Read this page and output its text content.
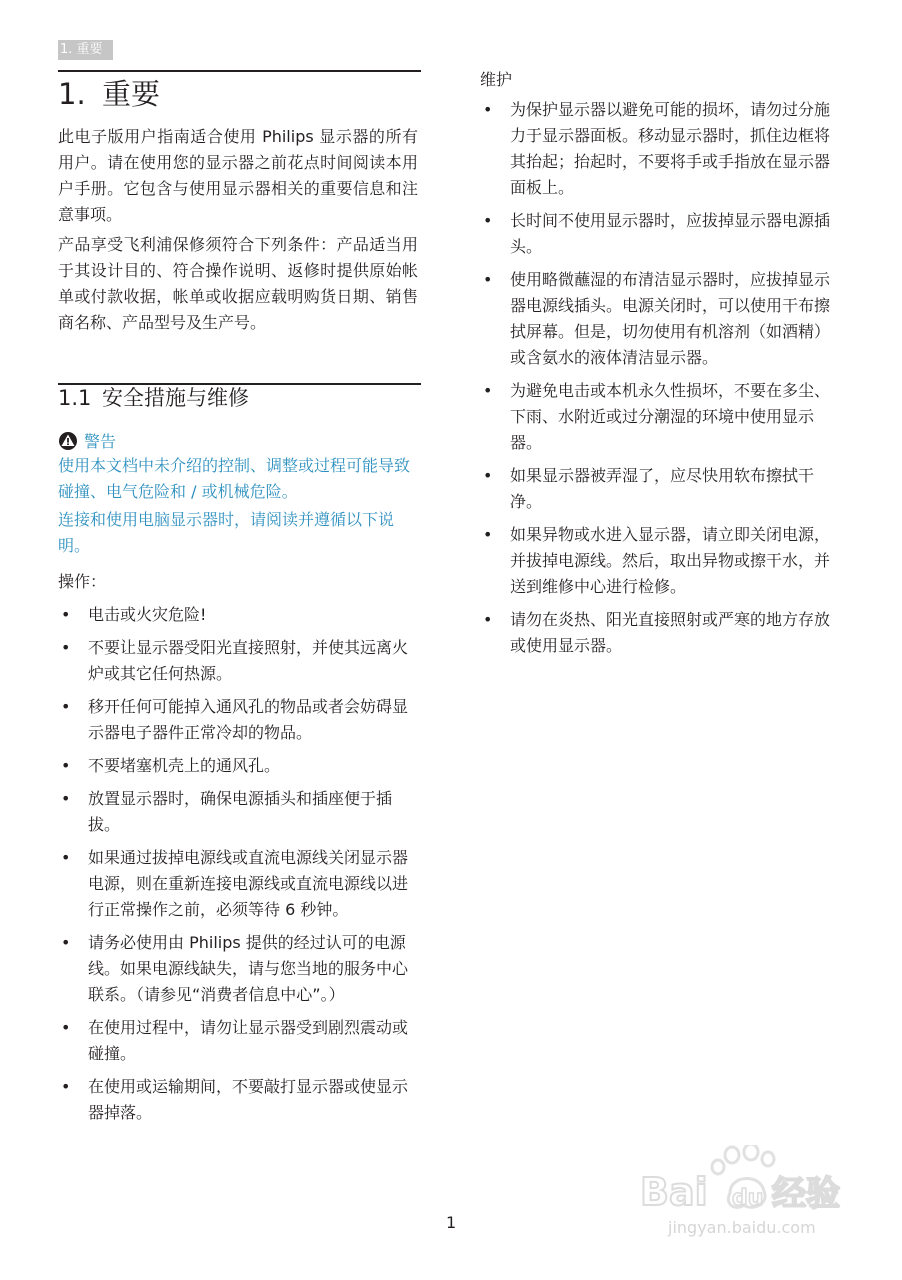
1. 重要
1. 重要

此电子版用户指南适合使用 Philips 显示器的所有用户。请在使用您的显示器之前花点时间阅读本用户手册。它包含与使用显示器相关的重要信息和注意事项。

产品享受飞利浦保修须符合下列条件：产品适当用于其设计目的、符合操作说明、返修时提供原始帐单或付款收据，帐单或收据应载明购货日期、销售商名称、产品型号及生产号。

1.1 安全措施与维修
警告

使用本文档中未介绍的控制、调整或过程可能导致碰撞、电气危险和 / 或机械危险。

连接和使用电脑显示器时，请阅读并遵循以下说明。

操作：

• 电击或火灾危险!
• 不要让显示器受阳光直接照射，并使其远离火炉或其它任何热源。
• 移开任何可能掉入通风孔的物品或者会妨碍显示器电子器件正常冷却的物品。
• 不要堵塞机壳上的通风孔。
• 放置显示器时，确保电源插头和插座便于插拔。
• 如果通过拔掉电源线或直流电源线关闭显示器电源，则在重新连接电源线或直流电源线以进行正常操作之前，必须等待 6 秒钟。
• 请务必使用由 Philips 提供的经过认可的电源线。如果电源线缺失，请与您当地的服务中心联系。（请参见“消费者信息中心”。）
• 在使用过程中，请勿让显示器受到剧烈震动或碰撞。
• 在使用或运输期间，不要敲打显示器或使显示器掉落。

维护

• 为保护显示器以避免可能的损坏，请勿过分施力于显示器面板。移动显示器时，抓住边框将其抬起；抬起时，不要将手或手指放在显示器面板上。
• 长时间不使用显示器时，应拔掉显示器电源插头。
• 使用略微蘸湿的布清洁显示器时，应拔掉显示器电源线插头。电源关闭时，可以使用干布擦拭屏幕。但是，切勿使用有机溶剂（如酒精）或含氨水的液体清洁显示器。
• 为避免电击或本机永久性损坏，不要在多尘、下雨、水附近或过分潮湿的环境中使用显示器。
• 如果显示器被弄湿了，应尽快用软布擦拭干净。
• 如果异物或水进入显示器，请立即关闭电源，并拔掉电源线。然后，取出异物或擦干水，并送到维修中心进行检修。
• 请勿在炎热、阳光直接照射或严寒的地方存放或使用显示器。
1
Bai du 经验
jingyan.baidu.com
